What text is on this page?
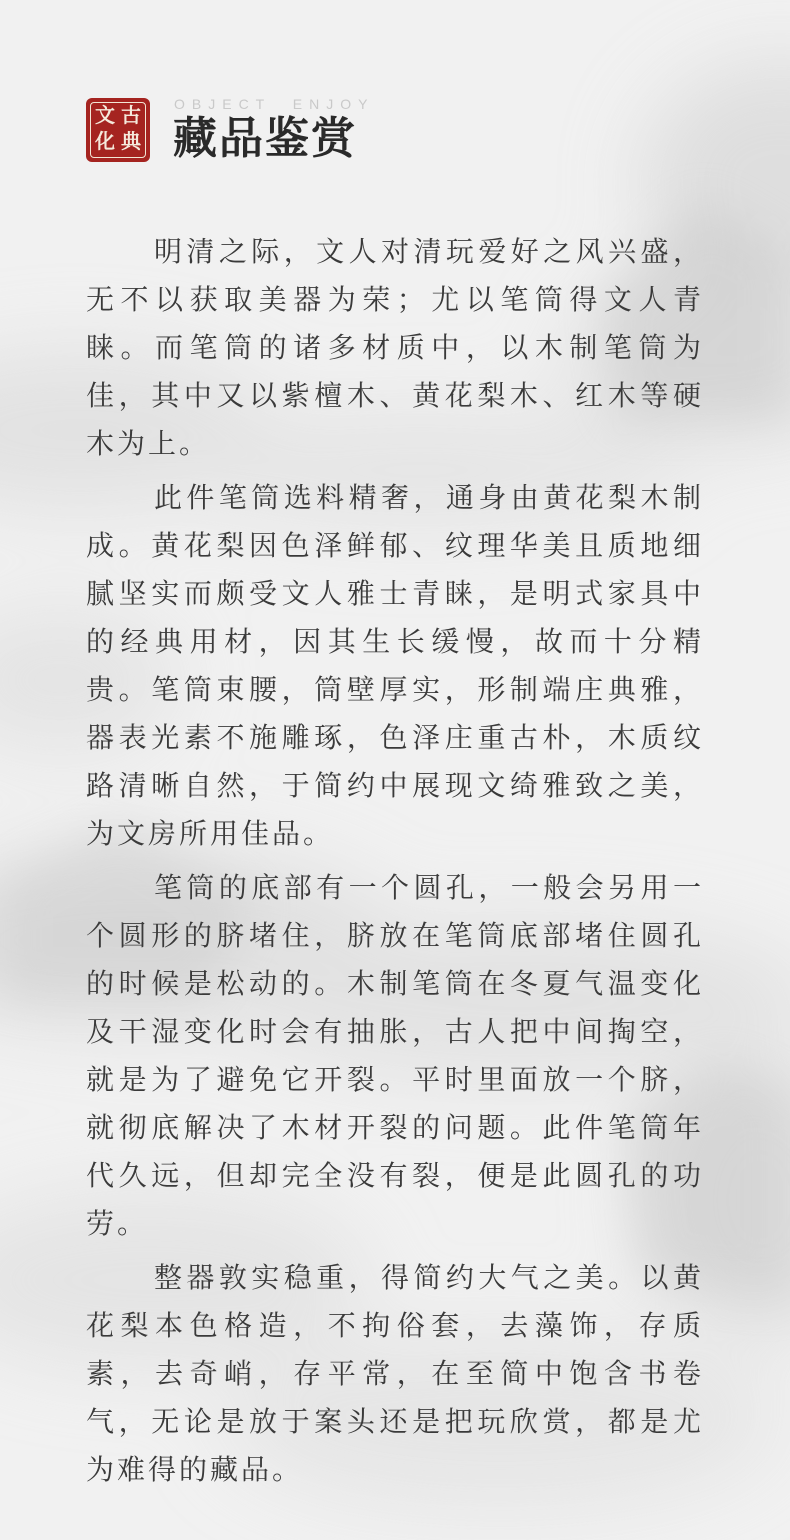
古
典
文
化
OBJECT  ENJOY
藏品鉴赏

明清之际，文人对清玩爱好之风兴盛，无不以获取美器为荣；尤以笔筒得文人青睐。而笔筒的诸多材质中，以木制笔筒为佳，其中又以紫檀木、黄花梨木、红木等硬木为上。

此件笔筒选料精奢，通身由黄花梨木制成。黄花梨因色泽鲜郁、纹理华美且质地细腻坚实而颇受文人雅士青睐，是明式家具中的经典用材，因其生长缓慢，故而十分精贵。笔筒束腰，筒壁厚实，形制端庄典雅，器表光素不施雕琢，色泽庄重古朴，木质纹路清晰自然，于简约中展现文绮雅致之美，为文房所用佳品。

笔筒的底部有一个圆孔，一般会另用一个圆形的脐堵住，脐放在笔筒底部堵住圆孔的时候是松动的。木制笔筒在冬夏气温变化及干湿变化时会有抽胀，古人把中间掏空，就是为了避免它开裂。平时里面放一个脐，就彻底解决了木材开裂的问题。此件笔筒年代久远，但却完全没有裂，便是此圆孔的功劳。

整器敦实稳重，得简约大气之美。以黄花梨本色格造，不拘俗套，去藻饰，存质素，去奇峭，存平常，在至简中饱含书卷气，无论是放于案头还是把玩欣赏，都是尤为难得的藏品。
